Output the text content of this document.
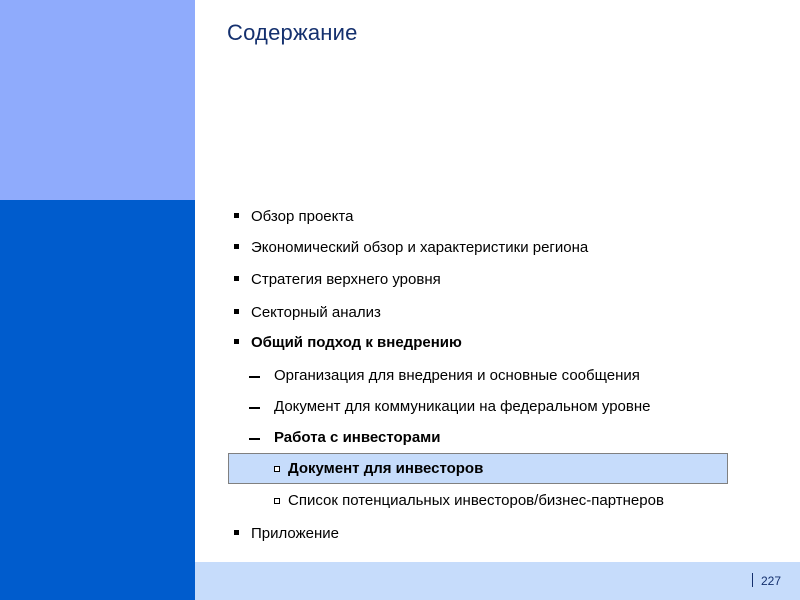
Содержание
Обзор проекта
Экономический обзор и характеристики региона
Стратегия верхнего уровня
Секторный анализ
Общий подход к внедрению
Организация для внедрения и основные сообщения
Документ для коммуникации на федеральном уровне
Работа с инвесторами
Документ для инвесторов
Список потенциальных инвесторов/бизнес-партнеров
Приложение
227
